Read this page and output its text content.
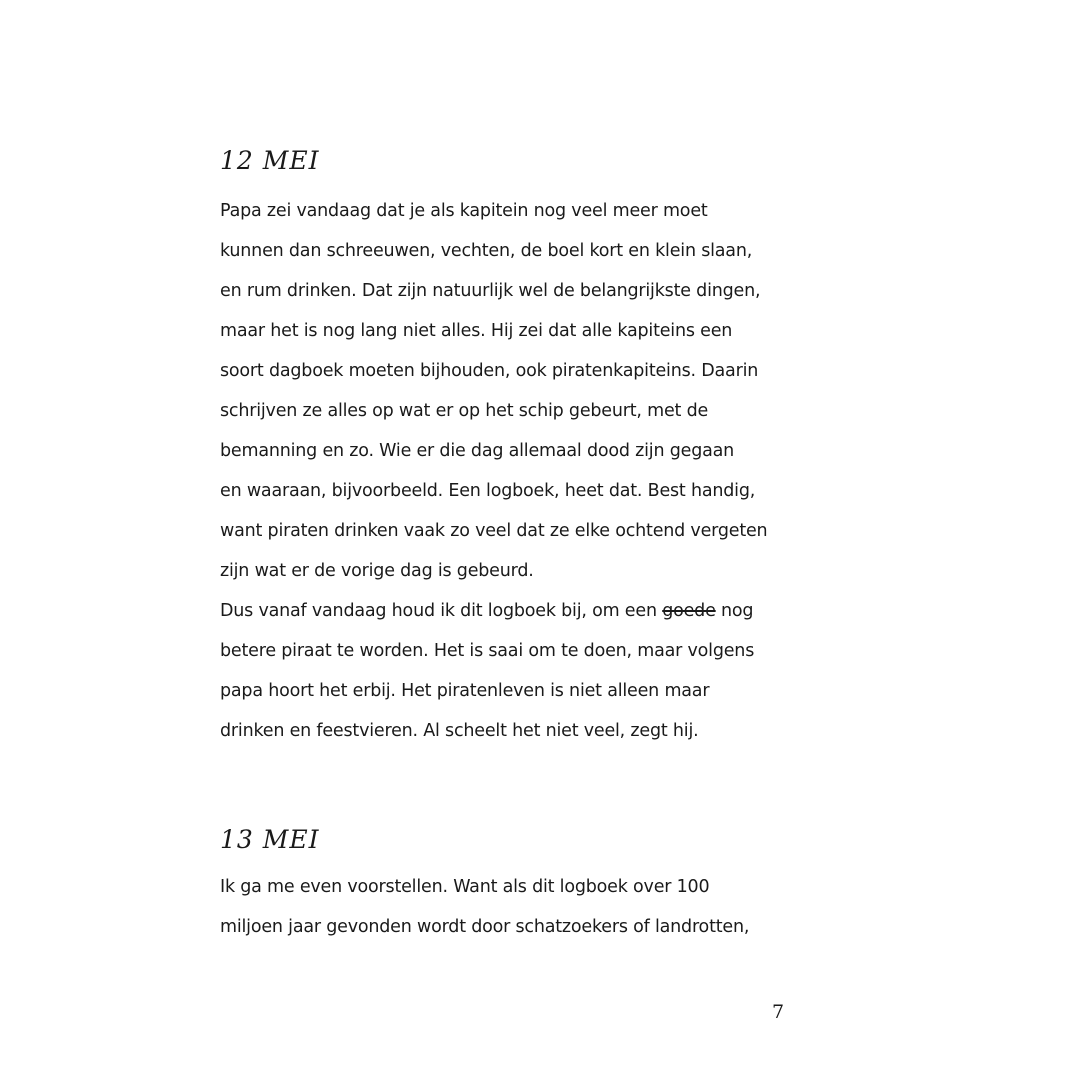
12 MEI
Papa zei vandaag dat je als kapitein nog veel meer moet
kunnen dan schreeuwen, vechten, de boel kort en klein slaan,
en rum drinken. Dat zijn natuurlijk wel de belangrijkste dingen,
maar het is nog lang niet alles. Hij zei dat alle kapiteins een
soort dagboek moeten bijhouden, ook piratenkapiteins. Daarin
schrijven ze alles op wat er op het schip gebeurt, met de
bemanning en zo. Wie er die dag allemaal dood zijn gegaan
en waaraan, bijvoorbeeld. Een logboek, heet dat. Best handig,
want piraten drinken vaak zo veel dat ze elke ochtend vergeten
zijn wat er de vorige dag is gebeurd.
Dus vanaf vandaag houd ik dit logboek bij, om een goede nog
betere piraat te worden. Het is saai om te doen, maar volgens
papa hoort het erbij. Het piratenleven is niet alleen maar
drinken en feestvieren. Al scheelt het niet veel, zegt hij.
13 MEI
Ik ga me even voorstellen. Want als dit logboek over 100
miljoen jaar gevonden wordt door schatzoekers of landrotten,
7
